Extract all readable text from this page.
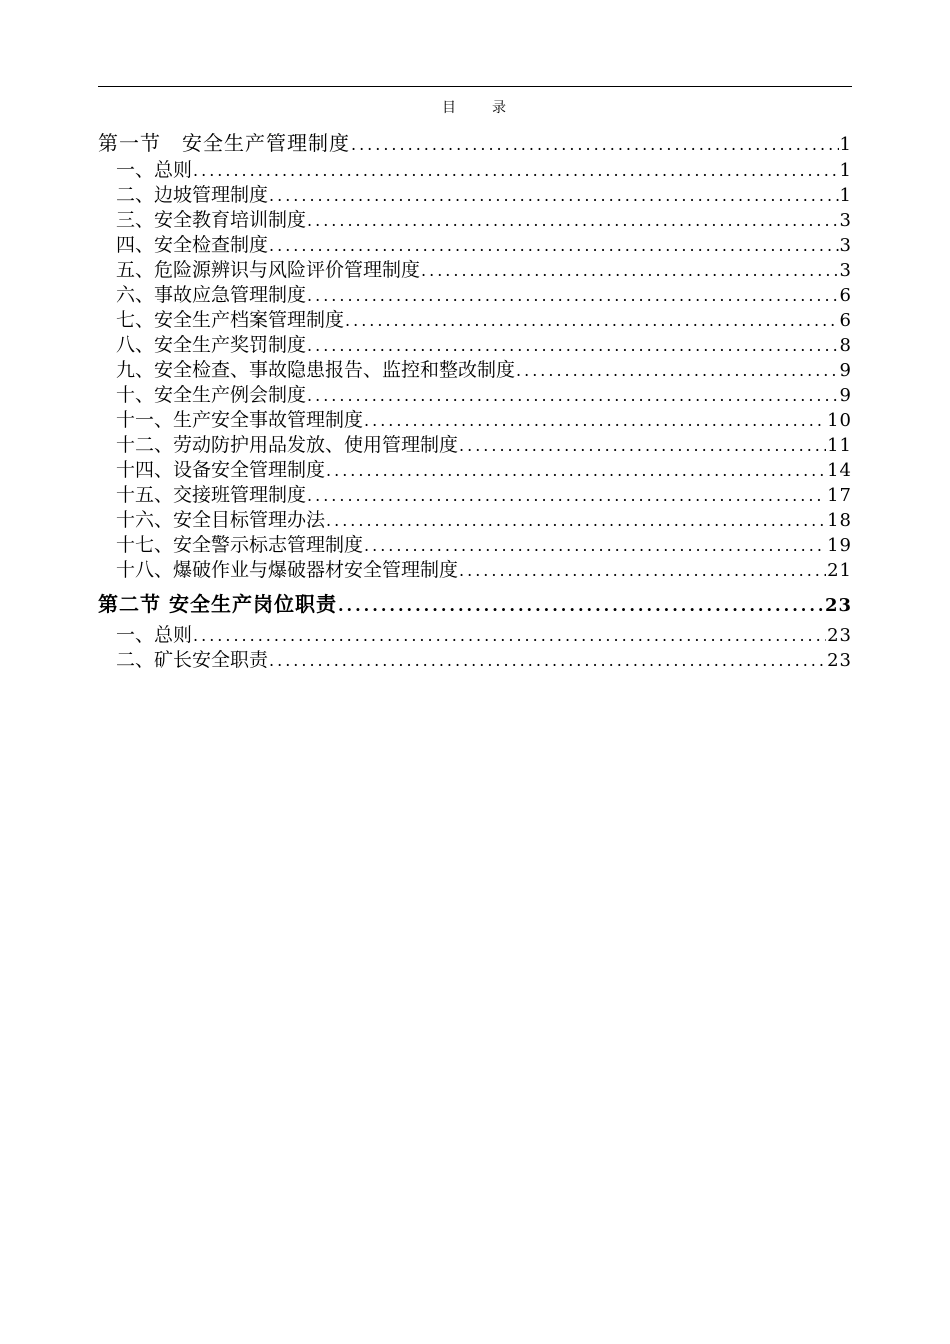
目 录
第一节　安全生产管理制度 .....	1
一、总则 .....	1
二、边坡管理制度 .....	1
三、安全教育培训制度 .....	3
四、安全检查制度 .....	3
五、危险源辨识与风险评价管理制度 .....	3
六、事故应急管理制度 .....	6
七、安全生产档案管理制度 .....	6
八、安全生产奖罚制度 .....	8
九、安全检查、事故隐患报告、监控和整改制度 .....	9
十、安全生产例会制度 .....	9
十一、生产安全事故管理制度 .....	10
十二、劳动防护用品发放、使用管理制度 .....	11
十四、设备安全管理制度 .....	14
十五、交接班管理制度 .....	17
十六、安全目标管理办法 .....	18
十七、安全警示标志管理制度 .....	19
十八、爆破作业与爆破器材安全管理制度 .....	21
第二节 安全生产岗位职责 .....	23
一、总则 .....	23
二、矿长安全职责 .....	23
